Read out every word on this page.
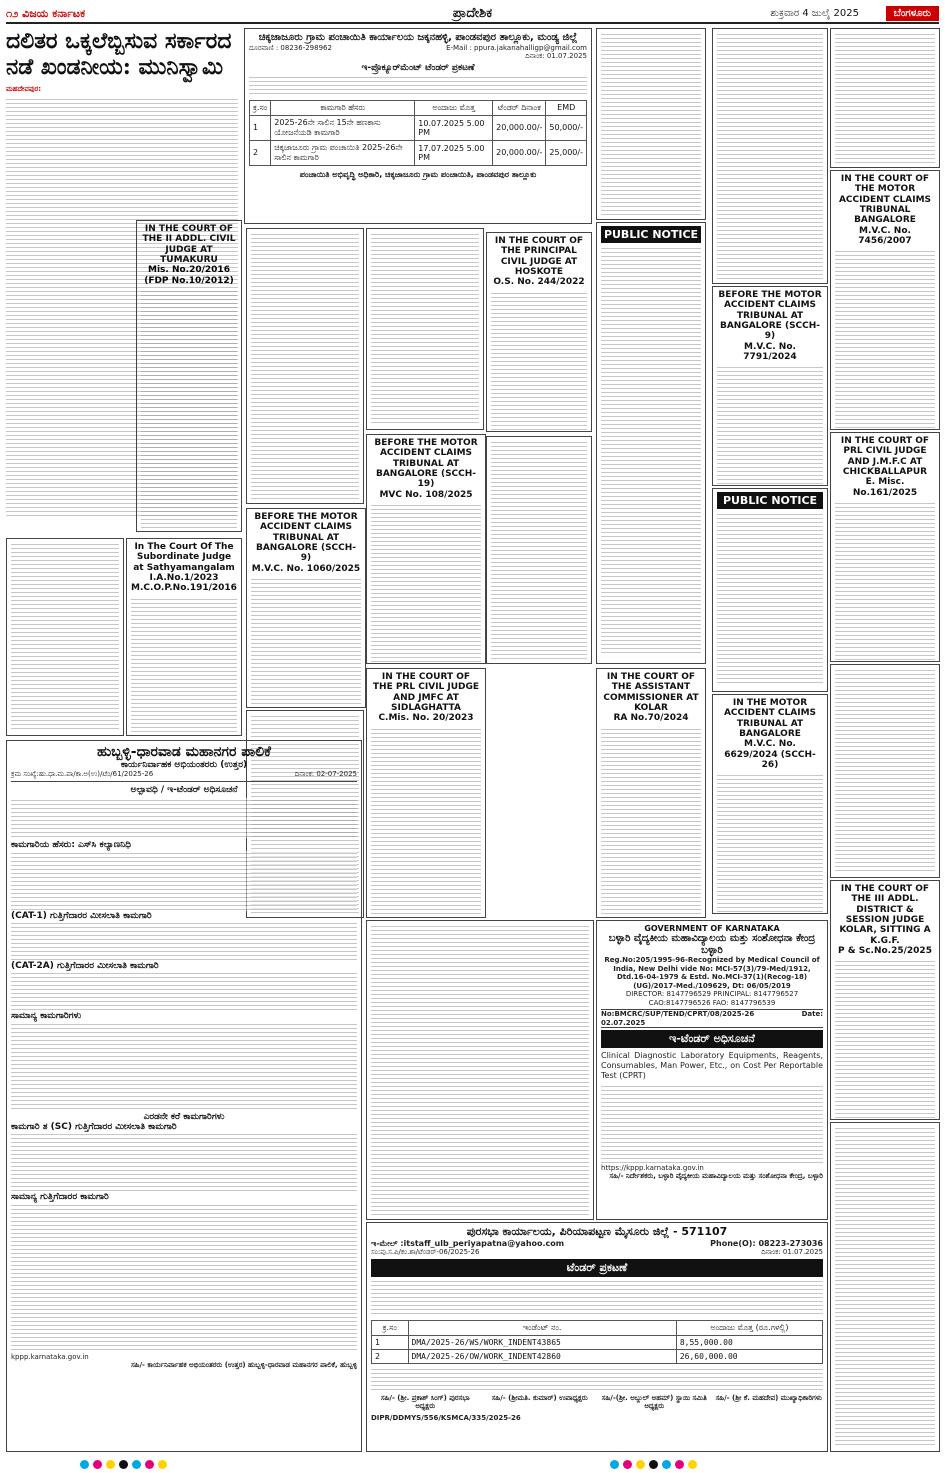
೧೨ ವಿಜಯ ಕರ್ನಾಟಕ	ಪ್ರಾದೇಶಿಕ	ಶುಕ್ರವಾರ 4 ಜುಲೈ 2025	ಬೆಂಗಳೂರು
ದಲಿತರ ಒಕ್ಕಲೆಬ್ಬಿಸುವ ಸರ್ಕಾರದ ನಡೆ ಖಂಡನೀಯ: ಮುನಿಸ್ವಾಮಿ
ಮಹದೇವಪುರ:
ಚಿಕ್ಕಜಾಜೂರು ಗ್ರಾಮ ಪಂಚಾಯಿತಿ ಕಾರ್ಯಾಲಯ ಜಕ್ಕನಹಳ್ಳಿ, ಪಾಂಡವಪುರ ತಾಲ್ಲೂಕು, ಮಂಡ್ಯ ಜಿಲ್ಲೆ
ದೂರವಾಣಿ : 08236-298962	E-Mail : ppura.jakanahalligp@gmail.com
ದಿನಾಂಕ: 01.07.2025
ಇ-ಪ್ರೊಕ್ಯೂರ್‌ಮೆಂಟ್ ಟೆಂಡರ್ ಪ್ರಕಟಣೆ
ಕ್ರ.ಸಂ	ಕಾಮಗಾರಿ ಹೆಸರು	ಅಂದಾಜು ಮೊತ್ತ	ಟೆಂಡರ್ ದಿನಾಂಕ	EMD
1	2025-26ನೇ ಸಾಲಿನ 15ನೇ ಹಣಕಾಸು ಯೋಜನೆಯಡಿ ಕಾಮಗಾರಿ	10.07.2025 5.00 PM	20,000.00/-	50,000/-
2	ಚಿಕ್ಕಜಾಜೂರು ಗ್ರಾಮ ಪಂಚಾಯಿತಿ 2025-26ನೇ ಸಾಲಿನ ಕಾಮಗಾರಿ	17.07.2025 5.00 PM	20,000.00/-	25,000/-
ಪಂಚಾಯಿತಿ ಅಭಿವೃದ್ಧಿ ಅಧಿಕಾರಿ, ಚಿಕ್ಕಜಾಜೂರು ಗ್ರಾಮ ಪಂಚಾಯಿತಿ, ಪಾಂಡವಪುರ ತಾಲ್ಲೂಕು
IN THE COURT OF THE II ADDL. CIVIL JUDGE AT TUMAKURU
Mis. No.20/2016 (FDP No.10/2012)
IN THE COURT OF THE PRINCIPAL CIVIL JUDGE AT HOSKOTE
O.S. No. 244/2022
BEFORE THE MOTOR ACCIDENT CLAIMS TRIBUNAL AT BANGALORE (SCCH-19)
MVC No. 108/2025
BEFORE THE MOTOR ACCIDENT CLAIMS TRIBUNAL AT BANGALORE (SCCH-9)
M.V.C. No. 1060/2025
IN THE COURT OF THE PRL CIVIL JUDGE AND JMFC AT SIDLAGHATTA
C.Mis. No. 20/2023
IN THE COURT OF THE ASSISTANT COMMISSIONER AT KOLAR
RA No.70/2024
IN THE COURT OF THE MOTOR ACCIDENT CLAIMS TRIBUNAL BANGALORE
M.V.C. No. 7456/2007
BEFORE THE MOTOR ACCIDENT CLAIMS TRIBUNAL AT BANGALORE (SCCH-9)
M.V.C. No. 7791/2024
IN THE COURT OF PRL CIVIL JUDGE AND J.M.F.C AT CHICKBALLAPUR
E. Misc. No.161/2025
IN THE MOTOR ACCIDENT CLAIMS TRIBUNAL AT BANGALORE
M.V.C. No. 6629/2024 (SCCH-26)
IN THE COURT OF THE III ADDL. DISTRICT & SESSION JUDGE KOLAR, SITTING A K.G.F.
P & Sc.No.25/2025
In The Court Of The Subordinate Judge at Sathyamangalam
I.A.No.1/2023 M.C.O.P.No.191/2016
PUBLIC NOTICE
PUBLIC NOTICE
ಹುಬ್ಬಳ್ಳಿ-ಧಾರವಾಡ ಮಹಾನಗರ ಪಾಲಿಕೆ
ಕಾರ್ಯನಿರ್ವಾಹಕ ಅಭಿಯಂತರರು (ಉತ್ತರ)
ಕ್ರಮ ಸಂಖ್ಯೆ:ಹು.ಧಾ.ಮ.ಪಾ/ಕಾ.ಅ(ಉ)/ಟೆಂ/61/2025-26	ದಿನಾಂಕ: 02-07-2025
ಅಲ್ಪಾವಧಿ / ಇ-ಟೆಂಡರ್ ಅಧಿಸೂಚನೆ
ಕಾಮಗಾರಿಯ ಹೆಸರು: ಎಸ್‌ಸಿ ಕಲ್ಯಾಣನಿಧಿ
(CAT-1) ಗುತ್ತಿಗೆದಾರರ ಮೀಸಲಾತಿ ಕಾಮಗಾರಿ
(CAT-2A) ಗುತ್ತಿಗೆದಾರರ ಮೀಸಲಾತಿ ಕಾಮಗಾರಿ
ಸಾಮಾನ್ಯ ಕಾಮಗಾರಿಗಳು
ಎರಡನೇ ಕರೆ ಕಾಮಗಾರಿಗಳು
ಕಾಮಗಾರಿ ತ (SC) ಗುತ್ತಿಗೆದಾರರ ಮೀಸಲಾತಿ ಕಾಮಗಾರಿ
ಸಾಮಾನ್ಯ ಗುತ್ತಿಗೆದಾರರ ಕಾಮಗಾರಿ
kppp.karnataka.gov.in
ಸಹಿ/- ಕಾರ್ಯನಿರ್ವಾಹಕ ಅಭಿಯಂತರರು (ಉತ್ತರ) ಹುಬ್ಬಳ್ಳಿ-ಧಾರವಾಡ ಮಹಾನಗರ ಪಾಲಿಕೆ, ಹುಬ್ಬಳ್ಳಿ
GOVERNMENT OF KARNATAKA
ಬಳ್ಳಾರಿ ವೈದ್ಯಕೀಯ ಮಹಾವಿದ್ಯಾಲಯ ಮತ್ತು ಸಂಶೋಧನಾ ಕೇಂದ್ರ ಬಳ್ಳಾರಿ
Reg.No:205/1995-96-Recognized by Medical Council of India, New Delhi vide No: MCI-57(3)/79-Med/1912, Dtd.16-04-1979 & Estd. No.MCI-37(1)(Recog-18)(UG)/2017-Med./109629, Dt: 06/05/2019
DIRECTOR: 8147796529 PRINCIPAL: 8147796527
CAO:8147796526 FAO: 8147796539
No:BMCRC/SUP/TEND/CPRT/08/2025-26 Date: 02.07.2025
ಇ-ಟೆಂಡರ್ ಅಧಿಸೂಚನೆ
Clinical Diagnostic Laboratory Equipments, Reagents, Consumables, Man Power, Etc., on Cost Per Reportable Test (CPRT)
https://kppp.karnataka.gov.in
ಸಹಿ/- ನಿರ್ದೇಶಕರು, ಬಳ್ಳಾರಿ ವೈದ್ಯಕೀಯ ಮಹಾವಿದ್ಯಾಲಯ ಮತ್ತು ಸಂಶೋಧನಾ ಕೇಂದ್ರ, ಬಳ್ಳಾರಿ
ಪುರಸಭಾ ಕಾರ್ಯಾಲಯ, ಪಿರಿಯಾಪಟ್ಟಣ ಮೈಸೂರು ಜಿಲ್ಲೆ - 571107
ಇ-ಮೇಲ್ :itstaff_ulb_periyapatna@yahoo.com	Phone(O): 08223-273036
ಸಂ:ಪು.ಸ.ಪಿ/ಕಂ.ಶಾ/ಟೆಂಡರ್-06/2025-26	ದಿನಾಂಕ: 01.07.2025
ಟೆಂಡರ್ ಪ್ರಕಟಣೆ
ಕ್ರ.ಸಂ	ಇಂಡೆಂಟ್ ನಂ.	ಅಂದಾಜು ಮೊತ್ತ (ರೂ.ಗಳಲ್ಲಿ)
1	DMA/2025-26/WS/WORK_INDENT43865	8,55,000.00
2	DMA/2025-26/OW/WORK_INDENT42860	26,60,000.00
ಸಹಿ/- (ಶ್ರೀ. ಪ್ರಕಾಶ್ ಸಿಂಗ್) ಪುರಸಭಾ ಅಧ್ಯಕ್ಷರು
ಸಹಿ/- (ಶ್ರೀಮತಿ. ಕುಮಾರ್) ಉಪಾಧ್ಯಕ್ಷರು	ಸಹಿ/-(ಶ್ರೀ. ಅಬ್ದುಲ್ ಅಹಮ್) ಸ್ಥಾಯಿ ಸಮಿತಿ ಅಧ್ಯಕ್ಷರು
ಸಹಿ/- (ಶ್ರೀ ಕೆ. ಮಹದೇವ) ಮುಖ್ಯಾಧಿಕಾರಿಗಳು
DIPR/DDMYS/556/KSMCA/335/2025-26
